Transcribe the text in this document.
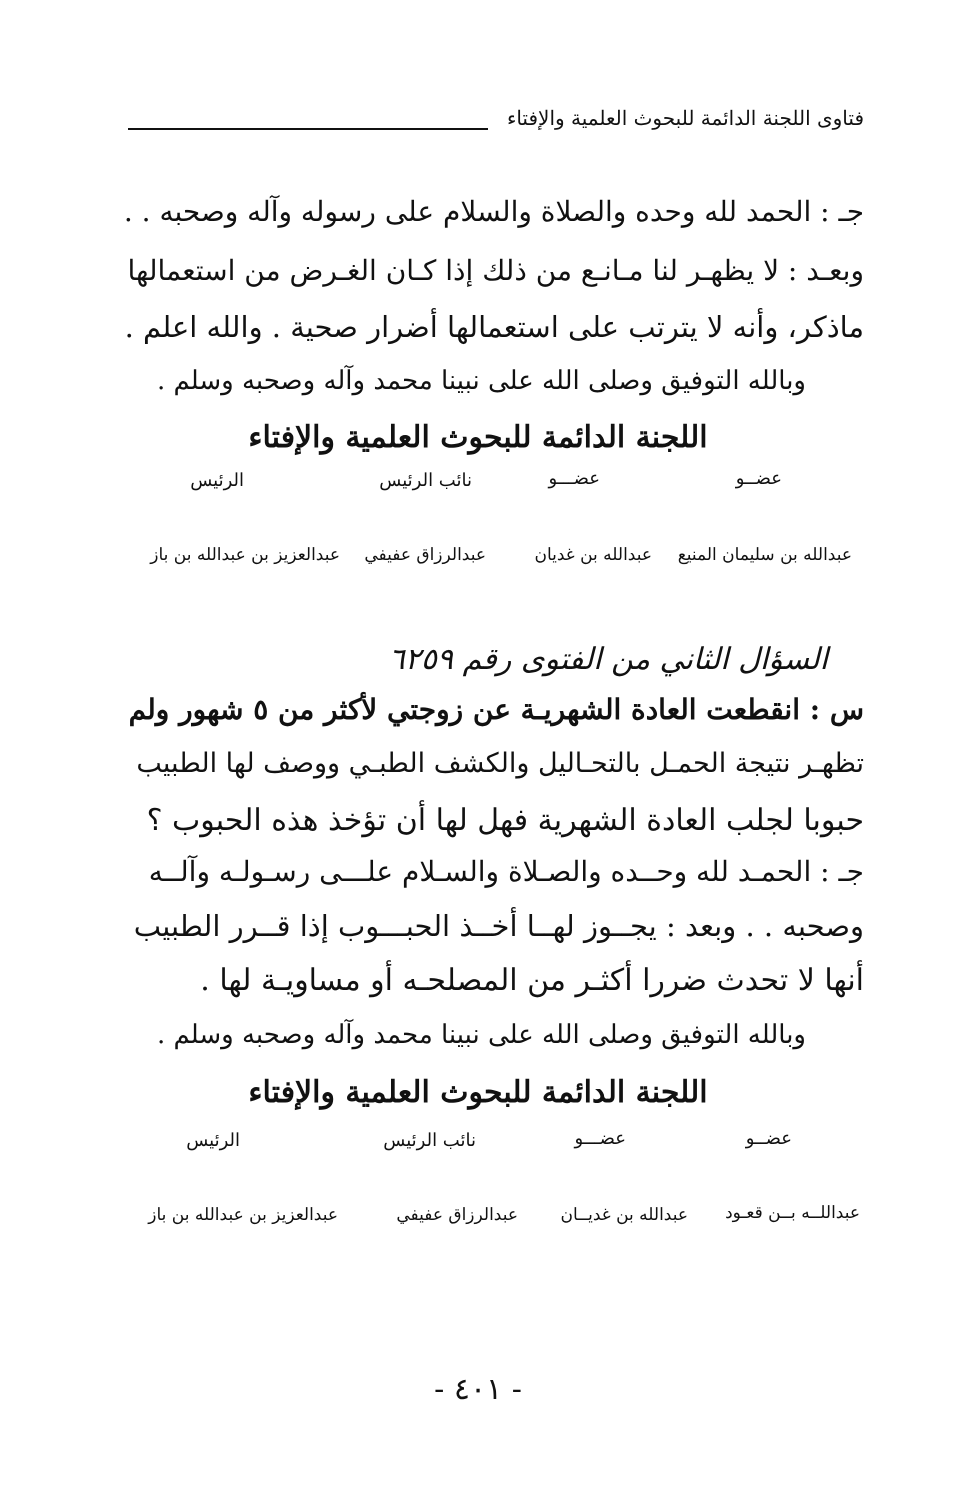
فتاوى اللجنة الدائمة للبحوث العلمية والإفتاء
جـ : الحمد لله وحده والصلاة والسلام على رسوله وآله وصحبه . .
وبعـد : لا يظهـر لنا مـانـع من ذلك إذا كـان الغـرض من استعمالها
ماذكر، وأنه لا يترتب على استعمالها أضرار صحية . والله اعلم .
وبالله التوفيق وصلى الله على نبينا محمد وآله وصحبه وسلم .
اللجنة الدائمة للبحوث العلمية والإفتاء
عضــو
عضـــو
نائب الرئيس
الرئيس
عبدالله بن سليمان المنيع
عبدالله بن غديان
عبدالرزاق عفيفي
عبدالعزيز بن عبدالله بن باز
السؤال الثاني من الفتوى رقم ٦٢٥٩
س : انقطعت العادة الشهريـة عن زوجتي لأكثر من ٥ شهور ولم
تظهـر نتيجة الحمـل بالتحـاليل والكشف الطبـي ووصف لها الطبيب
حبوبا لجلب العادة الشهرية فهل لها أن تؤخذ هذه الحبوب ؟
جـ : الحمـد لله وحــده والصـلاة والسـلام علـــى رسـولـه وآلــه
وصحبه . . وبعد : يجــوز لهــا أخــذ الحبـــوب إذا قــرر الطبيب
أنها لا تحدث ضررا أكثـر من المصلحـه أو مساويـة لها .
وبالله التوفيق وصلى الله على نبينا محمد وآله وصحبه وسلم .
اللجنة الدائمة للبحوث العلمية والإفتاء
عضــو
عضـــو
نائب الرئيس
الرئيس
عبداللــه بــن قعـود
عبدالله بن غديــان
عبدالرزاق عفيفي
عبدالعزيز بن عبدالله بن باز
- ٤٠١ -
